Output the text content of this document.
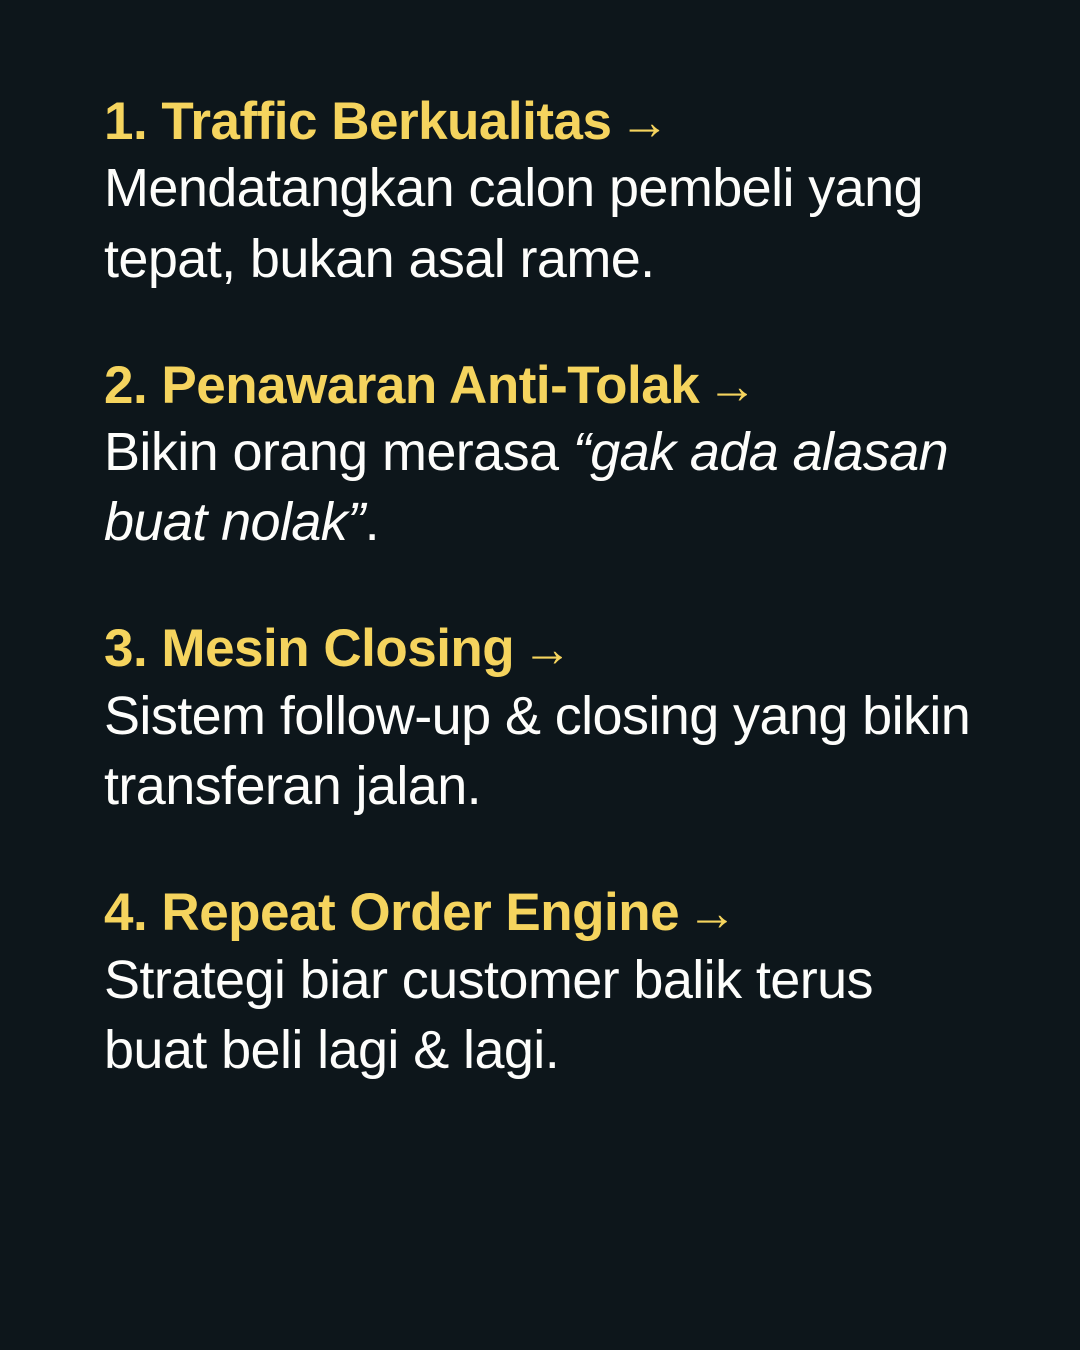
1. Traffic Berkualitas →

Mendatangkan calon pembeli yang tepat, bukan asal rame.

2. Penawaran Anti-Tolak →

Bikin orang merasa “gak ada alasan buat nolak”.

3. Mesin Closing →

Sistem follow-up & closing yang bikin transferan jalan.

4. Repeat Order Engine →

Strategi biar customer balik terus buat beli lagi & lagi.
